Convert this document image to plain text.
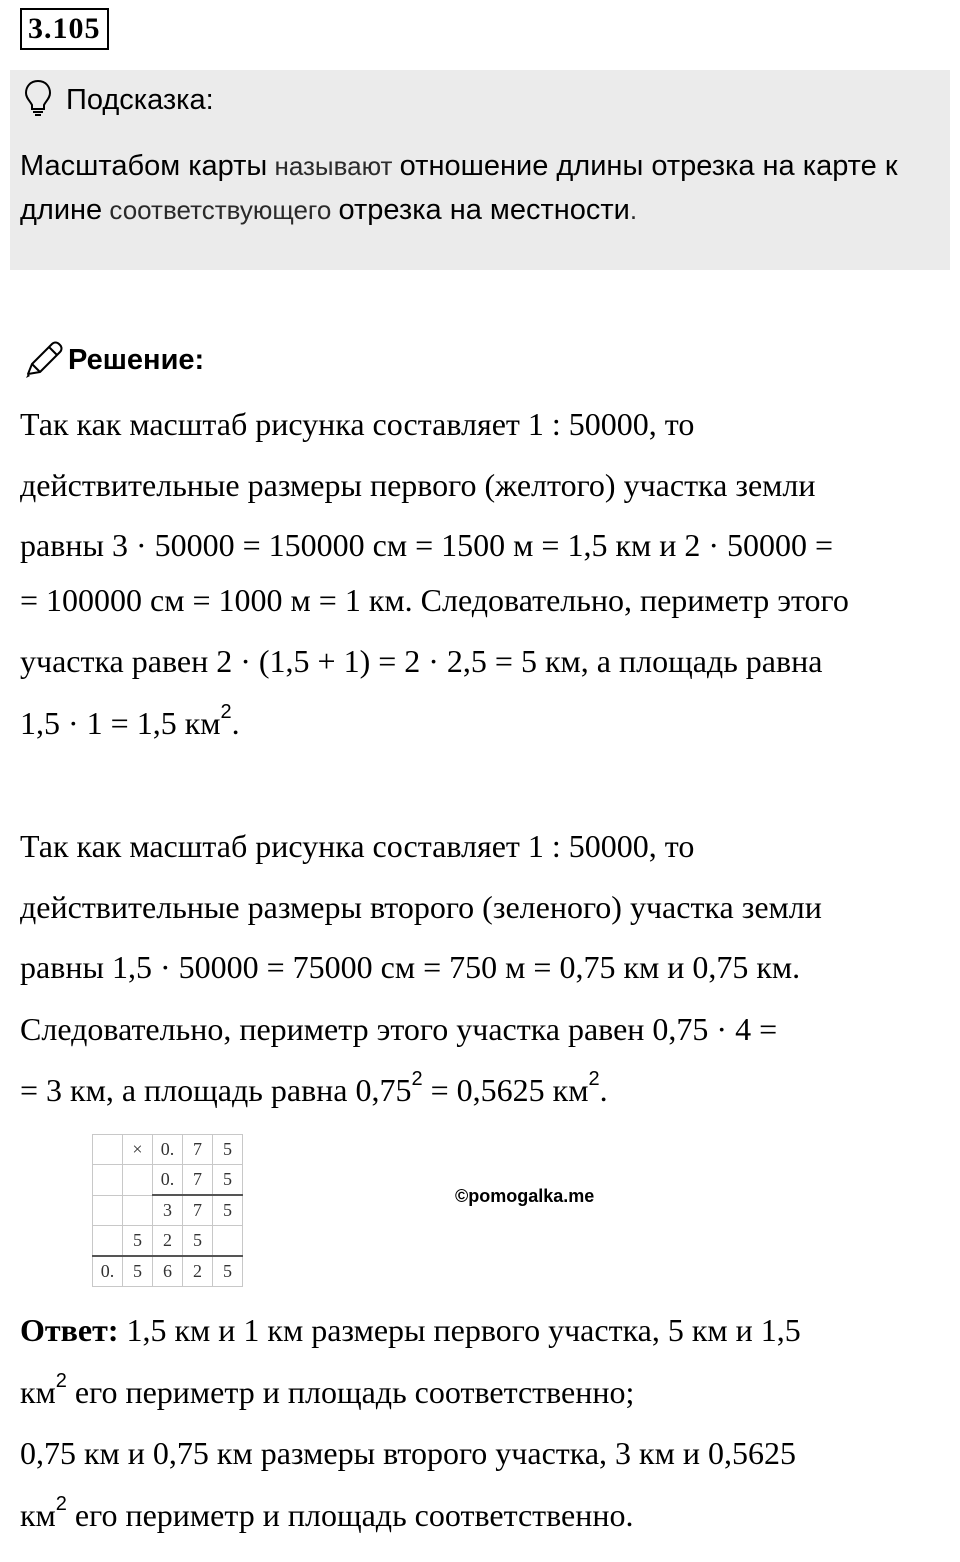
3.105
Подсказка:
Масштабом карты называют отношение длины отрезка на карте к длине соответствующего отрезка на местности.
Решение:
Так как масштаб рисунка составляет 1 : 50000, то
действительные размеры первого (желтого) участка земли
равны 3 · 50000 = 150000 см = 1500 м = 1,5 км и 2 · 50000 =
= 100000 см = 1000 м = 1 км. Следовательно, периметр этого
участка равен 2 · (1,5 + 1) = 2 · 2,5 = 5 км, а площадь равна
1,5 · 1 = 1,5 $км^2$.
Так как масштаб рисунка составляет 1 : 50000, то
действительные размеры второго (зеленого) участка земли
равны 1,5 · 50000 = 75000 см = 750 м = 0,75 км и 0,75 км.
Следовательно, периметр этого участка равен 0,75 · 4 =
= 3 км, а площадь равна $0,75^2 = 0,5625$ $км^2$.
	×	0.	7	5
		0.	7	5
		3	7	5
	5	2	5	
0.	5	6	2	5
©pomogalka.me
Ответ: 1,5 км и 1 км размеры первого участка, 5 км и 1,5
$км^2$ его периметр и площадь соответственно;
0,75 км и 0,75 км размеры второго участка, 3 км и 0,5625
$км^2$ его периметр и площадь соответственно.
